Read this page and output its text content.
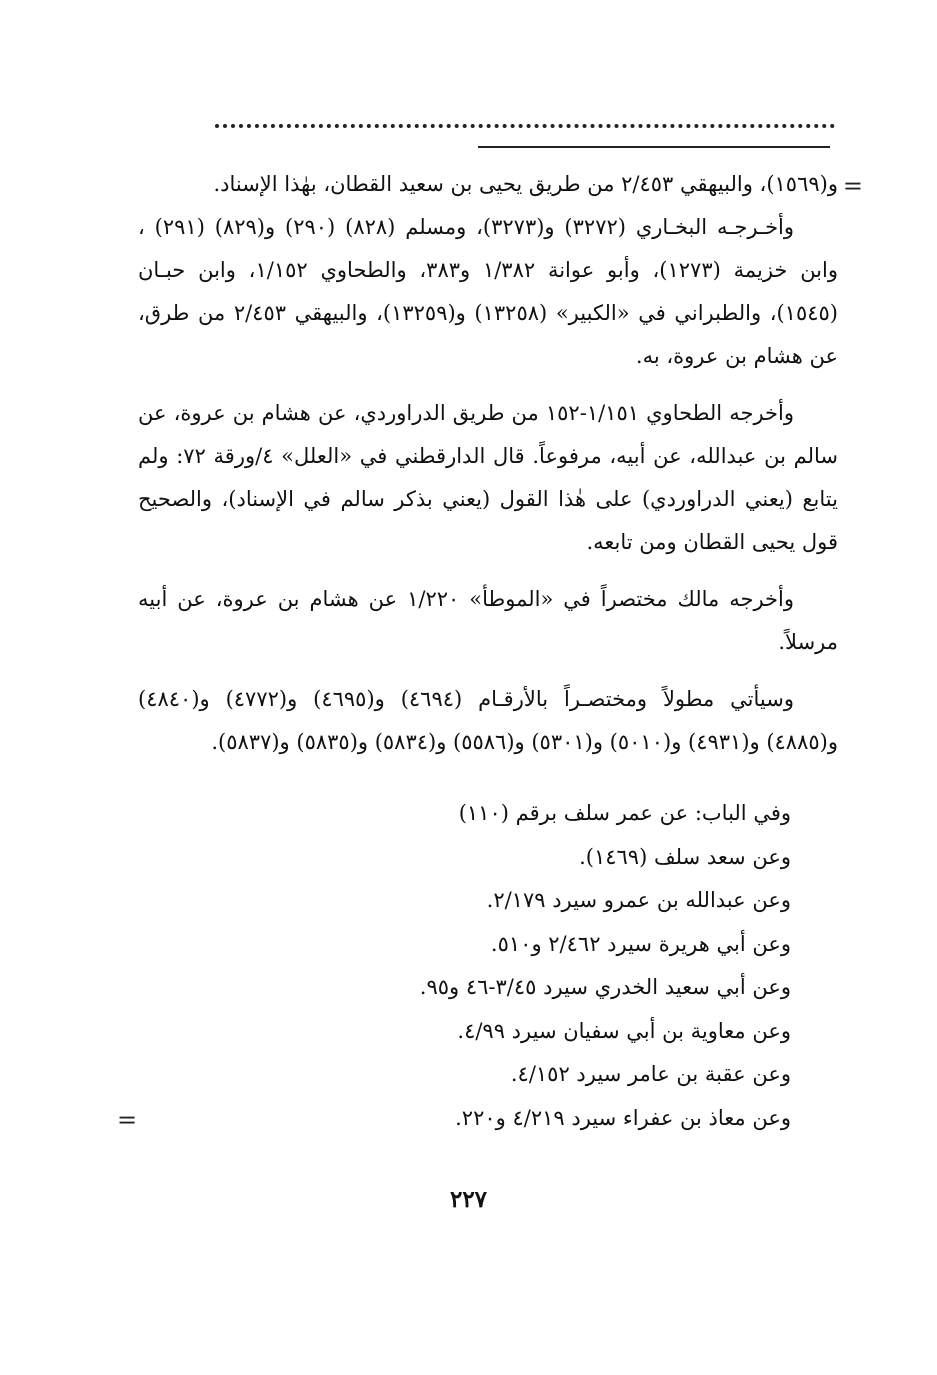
=
=

و(١٥٦٩)، والبيهقي ٢/٤٥٣ من طريق يحيى بن سعيد القطان، بهٰذا الإسناد.

وأخـرجـه البخـاري (٣٢٧٢) و(٣٢٧٣)، ومسلم (٨٢٨) (٢٩٠) و(٨٢٩) (٢٩١) ، وابن خزيمة (١٢٧٣)، وأبو عوانة ١/٣٨٢ و٣٨٣، والطحاوي ١/١٥٢، وابن حبـان (١٥٤٥)، والطبراني في «الكبير» (١٣٢٥٨) و(١٣٢٥٩)، والبيهقي ٢/٤٥٣ من طرق، عن هشام بن عروة، به.

وأخرجه الطحاوي ١/١٥١-١٥٢ من طريق الدراوردي، عن هشام بن عروة، عن سالم بن عبدالله، عن أبيه، مرفوعاً. قال الدارقطني في «العلل» ٤/ورقة ٧٢: ولم يتابع (يعني الدراوردي) على هٰذا القول (يعني بذكر سالم في الإسناد)، والصحيح قول يحيى القطان ومن تابعه.

وأخرجه مالك مختصراً في «الموطأ» ١/٢٢٠ عن هشام بن عروة، عن أبيه مرسلاً.

وسيأتي مطولاً ومختصـراً بالأرقـام (٤٦٩٤) و(٤٦٩٥) و(٤٧٧٢) و(٤٨٤٠) و(٤٨٨٥) و(٤٩٣١) و(٥٠١٠) و(٥٣٠١) و(٥٥٨٦) و(٥٨٣٤) و(٥٨٣٥) و(٥٨٣٧).

وفي الباب: عن عمر سلف برقم (١١٠)
وعن سعد سلف (١٤٦٩).
وعن عبدالله بن عمرو سيرد ٢/١٧٩.
وعن أبي هريرة سيرد ٢/٤٦٢ و٥١٠.
وعن أبي سعيد الخدري سيرد ٣/٤٥-٤٦ و٩٥.
وعن معاوية بن أبي سفيان سيرد ٤/٩٩.
وعن عقبة بن عامر سيرد ٤/١٥٢.
وعن معاذ بن عفراء سيرد ٤/٢١٩ و٢٢٠.
٢٢٧
